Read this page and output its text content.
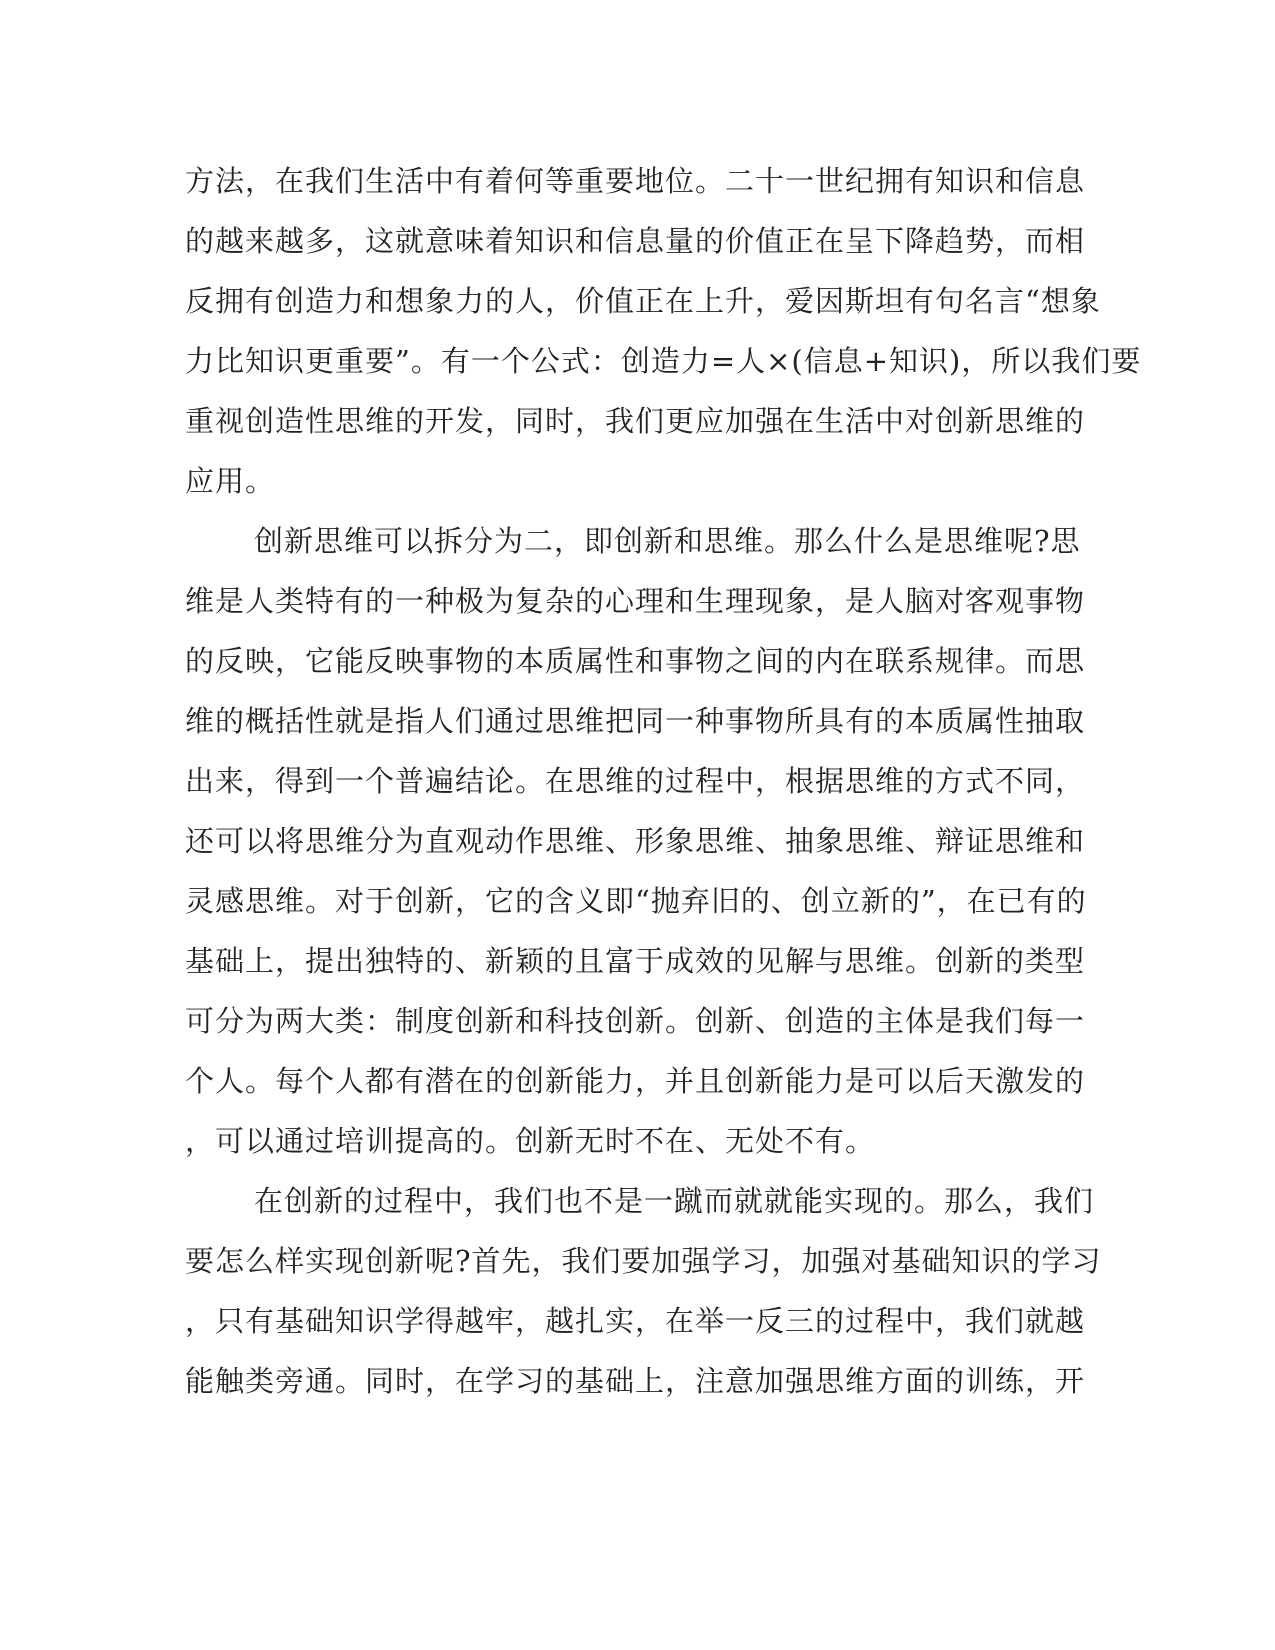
方法，在我们生活中有着何等重要地位。二十一世纪拥有知识和信息
的越来越多，这就意味着知识和信息量的价值正在呈下降趋势，而相
反拥有创造力和想象力的人，价值正在上升，爱因斯坦有句名言“想象
力比知识更重要”。有一个公式：创造力=人×(信息+知识)，所以我们要
重视创造性思维的开发，同时，我们更应加强在生活中对创新思维的
应用。
创新思维可以拆分为二，即创新和思维。那么什么是思维呢?思
维是人类特有的一种极为复杂的心理和生理现象，是人脑对客观事物
的反映，它能反映事物的本质属性和事物之间的内在联系规律。而思
维的概括性就是指人们通过思维把同一种事物所具有的本质属性抽取
出来，得到一个普遍结论。在思维的过程中，根据思维的方式不同，
还可以将思维分为直观动作思维、形象思维、抽象思维、辩证思维和
灵感思维。对于创新，它的含义即“抛弃旧的、创立新的”，在已有的
基础上，提出独特的、新颖的且富于成效的见解与思维。创新的类型
可分为两大类：制度创新和科技创新。创新、创造的主体是我们每一
个人。每个人都有潜在的创新能力，并且创新能力是可以后天激发的
，可以通过培训提高的。创新无时不在、无处不有。
在创新的过程中，我们也不是一蹴而就就能实现的。那么，我们
要怎么样实现创新呢?首先，我们要加强学习，加强对基础知识的学习
，只有基础知识学得越牢，越扎实，在举一反三的过程中，我们就越
能触类旁通。同时，在学习的基础上，注意加强思维方面的训练，开
